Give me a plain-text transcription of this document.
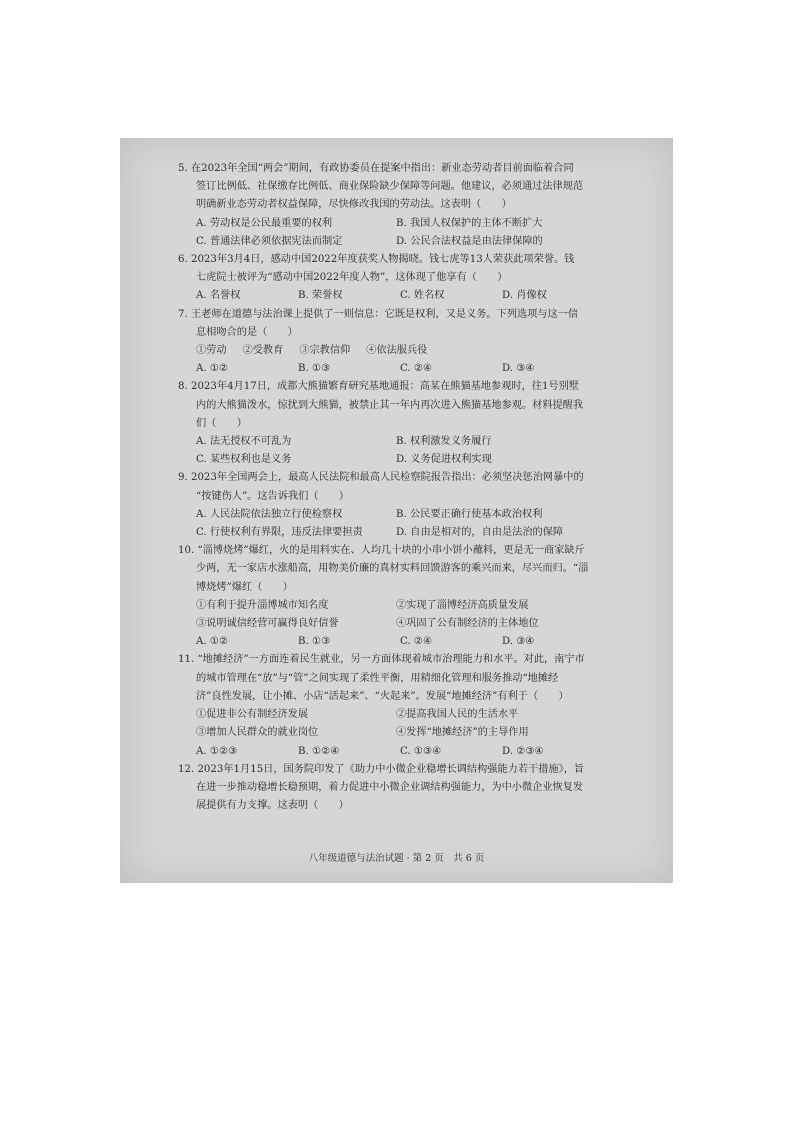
5. 在2023年全国“两会”期间，有政协委员在提案中指出：新业态劳动者目前面临着合同
签订比例低、社保缴存比例低、商业保险缺少保障等问题。他建议，必须通过法律规范
明确新业态劳动者权益保障，尽快修改我国的劳动法。这表明（　　）
A. 劳动权是公民最重要的权利	B. 我国人权保护的主体不断扩大
C. 普通法律必须依据宪法而制定	D. 公民合法权益是由法律保障的
6. 2023年3月4日，感动中国2022年度获奖人物揭晓。钱七虎等13人荣获此项荣誉。钱
七虎院士被评为“感动中国2022年度人物”，这体现了他享有（　　）
A. 名誉权	B. 荣誉权	C. 姓名权	D. 肖像权
7. 王老师在道德与法治课上提供了一则信息：它既是权利，又是义务。下列选项与这一信
息相吻合的是（　　）
①劳动 ②受教育 ③宗教信仰 ④依法服兵役
A. ①②	B. ①③	C. ②④	D. ③④
8. 2023年4月17日，成都大熊猫繁育研究基地通报：高某在熊猫基地参观时，往1号别墅
内的大熊猫泼水，惊扰到大熊猫，被禁止其一年内再次进入熊猫基地参观。材料提醒我
们（　　）
A. 法无授权不可乱为	B. 权利激发义务履行
C. 某些权利也是义务	D. 义务促进权利实现
9. 2023年全国两会上，最高人民法院和最高人民检察院报告指出：必须坚决惩治网暴中的
“按键伤人”。这告诉我们（　　）
A. 人民法院依法独立行使检察权	B. 公民要正确行使基本政治权利
C. 行使权利有界限，违反法律要担责	D. 自由是相对的，自由是法治的保障
10. “淄博烧烤”爆红，火的是用料实在、人均几十块的小串小饼小蘸料，更是无一商家缺斤
少两，无一家店水涨船高，用物美价廉的真材实料回馈游客的乘兴而来，尽兴而归。“淄
博烧烤”爆红（　　）
①有利于提升淄博城市知名度	②实现了淄博经济高质量发展
③说明诚信经营可赢得良好信誉	④巩固了公有制经济的主体地位
A. ①②	B. ①③	C. ②④	D. ③④
11. “地摊经济”一方面连着民生就业，另一方面体现着城市治理能力和水平。对此，南宁市
的城市管理在“放”与“管”之间实现了柔性平衡，用精细化管理和服务推动“地摊经
济”良性发展，让小摊、小店“活起来”、“火起来”。发展“地摊经济”有利于（　　）
①促进非公有制经济发展	②提高我国人民的生活水平
③增加人民群众的就业岗位	④发挥“地摊经济”的主导作用
A. ①②③	B. ①②④	C. ①③④	D. ②③④
12. 2023年1月15日，国务院印发了《助力中小微企业稳增长调结构强能力若干措施》，旨
在进一步推动稳增长稳预期，着力促进中小微企业调结构强能力，为中小微企业恢复发
展提供有力支撑。这表明（　　）
八年级道德与法治试题 · 第 2 页　共 6 页
